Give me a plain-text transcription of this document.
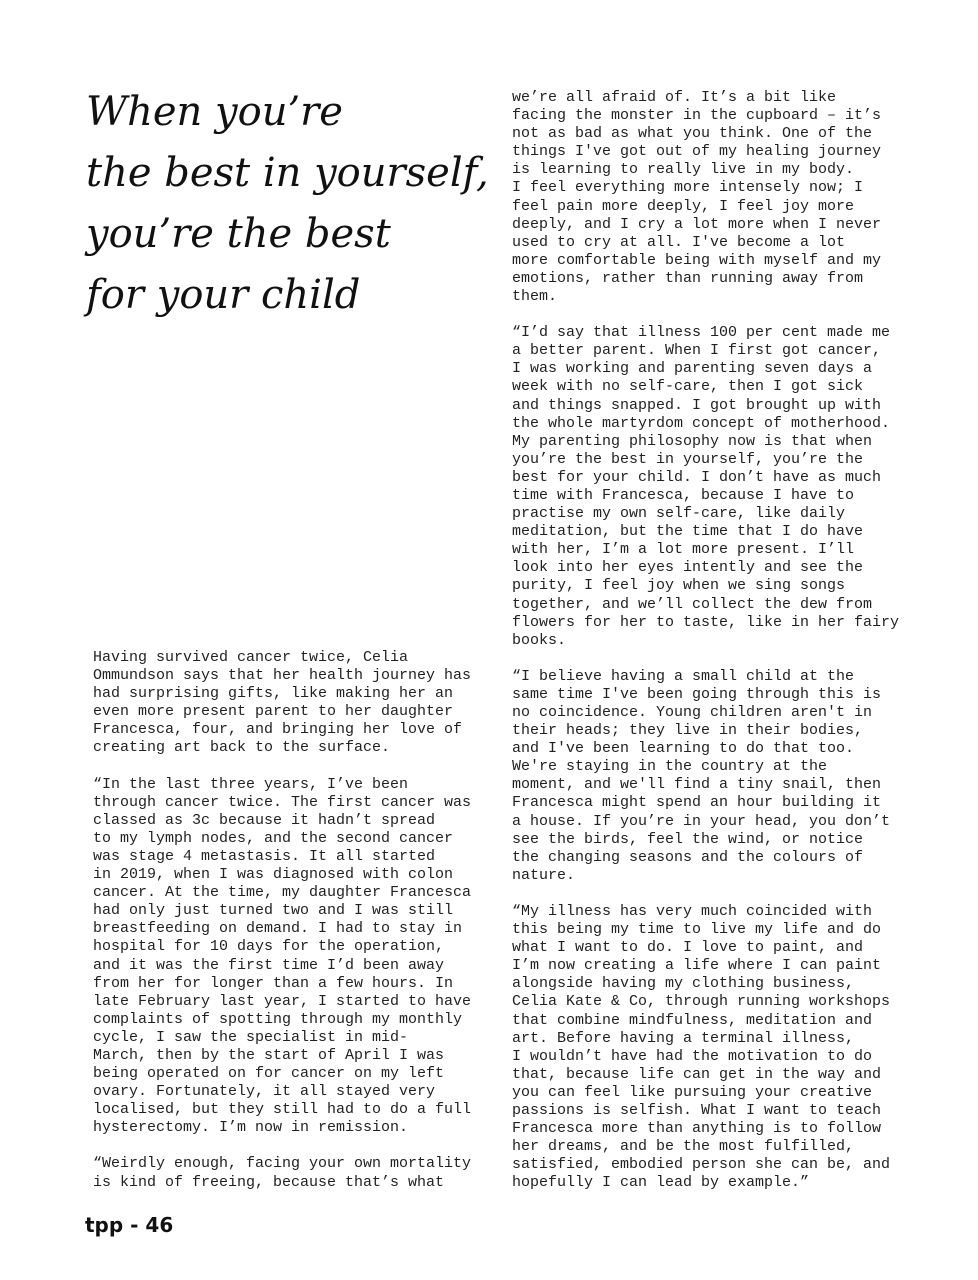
When you’re
the best in yourself,
you’re the best
for your child
Having survived cancer twice, Celia
Ommundson says that her health journey has
had surprising gifts, like making her an
even more present parent to her daughter
Francesca, four, and bringing her love of
creating art back to the surface.
“In the last three years, I’ve been
through cancer twice. The first cancer was
classed as 3c because it hadn’t spread
to my lymph nodes, and the second cancer
was stage 4 metastasis. It all started
in 2019, when I was diagnosed with colon
cancer. At the time, my daughter Francesca
had only just turned two and I was still
breastfeeding on demand. I had to stay in
hospital for 10 days for the operation,
and it was the first time I’d been away
from her for longer than a few hours. In
late February last year, I started to have
complaints of spotting through my monthly
cycle, I saw the specialist in mid-
March, then by the start of April I was
being operated on for cancer on my left
ovary. Fortunately, it all stayed very
localised, but they still had to do a full
hysterectomy. I’m now in remission.
“Weirdly enough, facing your own mortality
is kind of freeing, because that’s what
we’re all afraid of. It’s a bit like
facing the monster in the cupboard – it’s
not as bad as what you think. One of the
things I've got out of my healing journey
is learning to really live in my body.
I feel everything more intensely now; I
feel pain more deeply, I feel joy more
deeply, and I cry a lot more when I never
used to cry at all. I've become a lot
more comfortable being with myself and my
emotions, rather than running away from
them.
“I’d say that illness 100 per cent made me
a better parent. When I first got cancer,
I was working and parenting seven days a
week with no self-care, then I got sick
and things snapped. I got brought up with
the whole martyrdom concept of motherhood.
My parenting philosophy now is that when
you’re the best in yourself, you’re the
best for your child. I don’t have as much
time with Francesca, because I have to
practise my own self-care, like daily
meditation, but the time that I do have
with her, I’m a lot more present. I’ll
look into her eyes intently and see the
purity, I feel joy when we sing songs
together, and we’ll collect the dew from
flowers for her to taste, like in her fairy
books.
“I believe having a small child at the
same time I've been going through this is
no coincidence. Young children aren't in
their heads; they live in their bodies,
and I've been learning to do that too.
We're staying in the country at the
moment, and we'll find a tiny snail, then
Francesca might spend an hour building it
a house. If you’re in your head, you don’t
see the birds, feel the wind, or notice
the changing seasons and the colours of
nature.
“My illness has very much coincided with
this being my time to live my life and do
what I want to do. I love to paint, and
I’m now creating a life where I can paint
alongside having my clothing business,
Celia Kate & Co, through running workshops
that combine mindfulness, meditation and
art. Before having a terminal illness,
I wouldn’t have had the motivation to do
that, because life can get in the way and
you can feel like pursuing your creative
passions is selfish. What I want to teach
Francesca more than anything is to follow
her dreams, and be the most fulfilled,
satisfied, embodied person she can be, and
hopefully I can lead by example.”
tpp - 46
